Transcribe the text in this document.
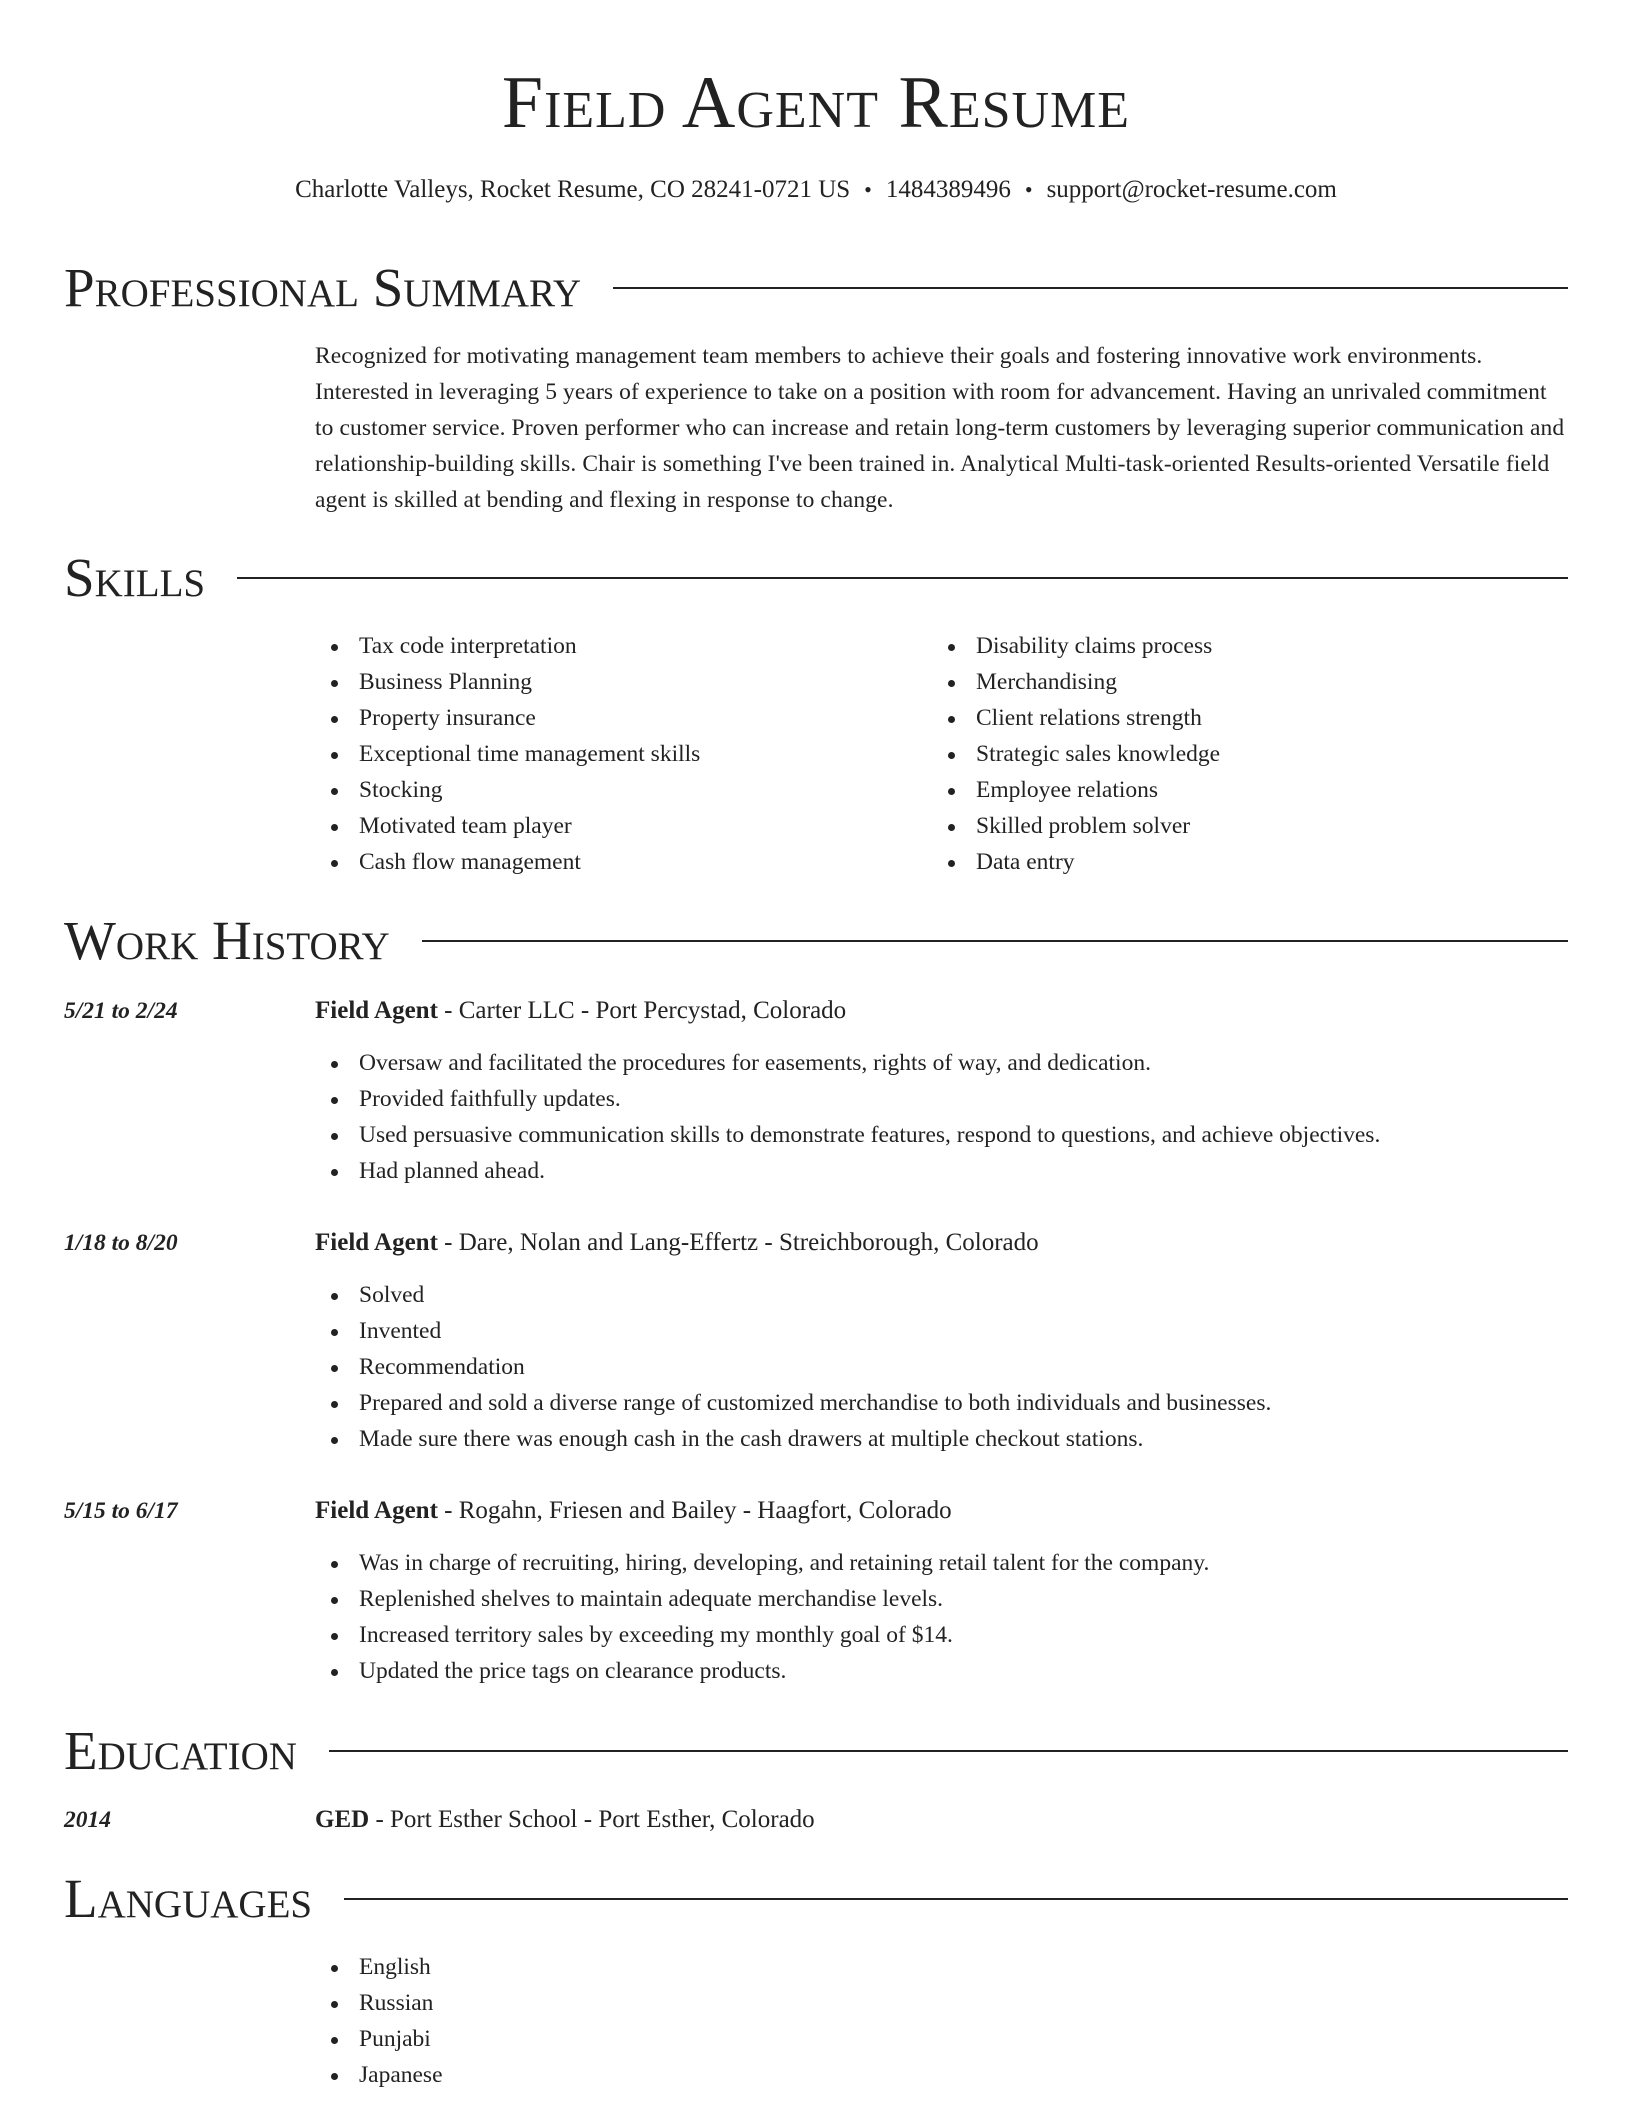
Field Agent Resume
Charlotte Valleys, Rocket Resume, CO 28241-0721 US • 1484389496 • support@rocket-resume.com
Professional Summary
Recognized for motivating management team members to achieve their goals and fostering innovative work environments. Interested in leveraging 5 years of experience to take on a position with room for advancement. Having an unrivaled commitment to customer service. Proven performer who can increase and retain long-term customers by leveraging superior communication and relationship-building skills. Chair is something I've been trained in. Analytical Multi-task-oriented Results-oriented Versatile field agent is skilled at bending and flexing in response to change.
Skills
Tax code interpretation
Business Planning
Property insurance
Exceptional time management skills
Stocking
Motivated team player
Cash flow management
Disability claims process
Merchandising
Client relations strength
Strategic sales knowledge
Employee relations
Skilled problem solver
Data entry
Work History
5/21 to 2/24	Field Agent - Carter LLC - Port Percystad, Colorado
Oversaw and facilitated the procedures for easements, rights of way, and dedication.
Provided faithfully updates.
Used persuasive communication skills to demonstrate features, respond to questions, and achieve objectives.
Had planned ahead.
1/18 to 8/20	Field Agent - Dare, Nolan and Lang-Effertz - Streichborough, Colorado
Solved
Invented
Recommendation
Prepared and sold a diverse range of customized merchandise to both individuals and businesses.
Made sure there was enough cash in the cash drawers at multiple checkout stations.
5/15 to 6/17	Field Agent - Rogahn, Friesen and Bailey - Haagfort, Colorado
Was in charge of recruiting, hiring, developing, and retaining retail talent for the company.
Replenished shelves to maintain adequate merchandise levels.
Increased territory sales by exceeding my monthly goal of $14.
Updated the price tags on clearance products.
Education
2014	GED - Port Esther School - Port Esther, Colorado
Languages
English
Russian
Punjabi
Japanese
